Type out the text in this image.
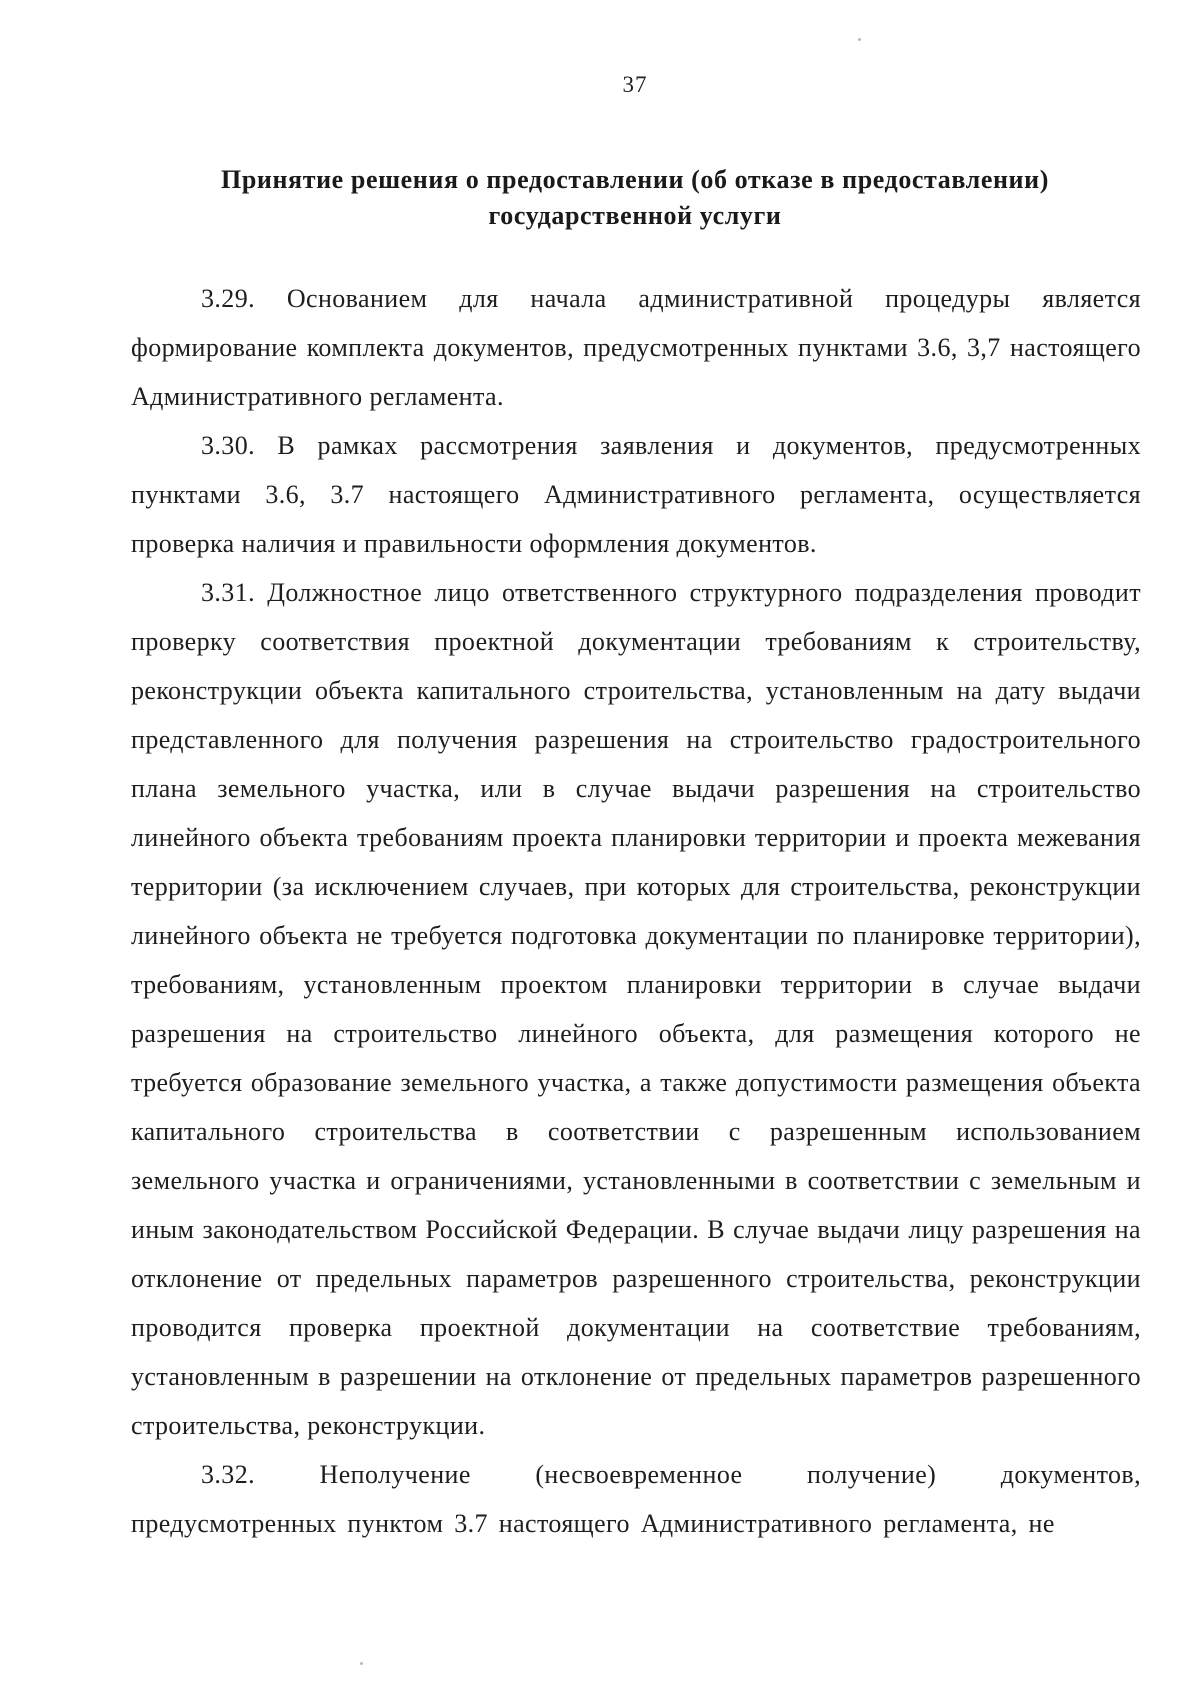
37
Принятие решения о предоставлении (об отказе в предоставлении)
государственной услуги

3.29. Основанием для начала административной процедуры является формирование комплекта документов, предусмотренных пунктами 3.6, 3,7 настоящего Административного регламента.

3.30. В рамках рассмотрения заявления и документов, предусмотренных пунктами 3.6, 3.7 настоящего Административного регламента, осуществляется проверка наличия и правильности оформления документов.

3.31. Должностное лицо ответственного структурного подразделения проводит проверку соответствия проектной документации требованиям к строительству, реконструкции объекта капитального строительства, установленным на дату выдачи представленного для получения разрешения на строительство градостроительного плана земельного участка, или в случае выдачи разрешения на строительство линейного объекта требованиям проекта планировки территории и проекта межевания территории (за исключением случаев, при которых для строительства, реконструкции линейного объекта не требуется подготовка документации по планировке территории), требованиям, установленным проектом планировки территории в случае выдачи разрешения на строительство линейного объекта, для размещения которого не требуется образование земельного участка, а также допустимости размещения объекта капитального строительства в соответствии с разрешенным использованием земельного участка и ограничениями, установленными в соответствии с земельным и иным законодательством Российской Федерации. В случае выдачи лицу разрешения на отклонение от предельных параметров разрешенного строительства, реконструкции проводится проверка проектной документации на соответствие требованиям, установленным в разрешении на отклонение от предельных параметров разрешенного строительства, реконструкции.

3.32. Неполучение (несвоевременное получение) документов, предусмотренных пунктом 3.7 настоящего Административного регламента, не
